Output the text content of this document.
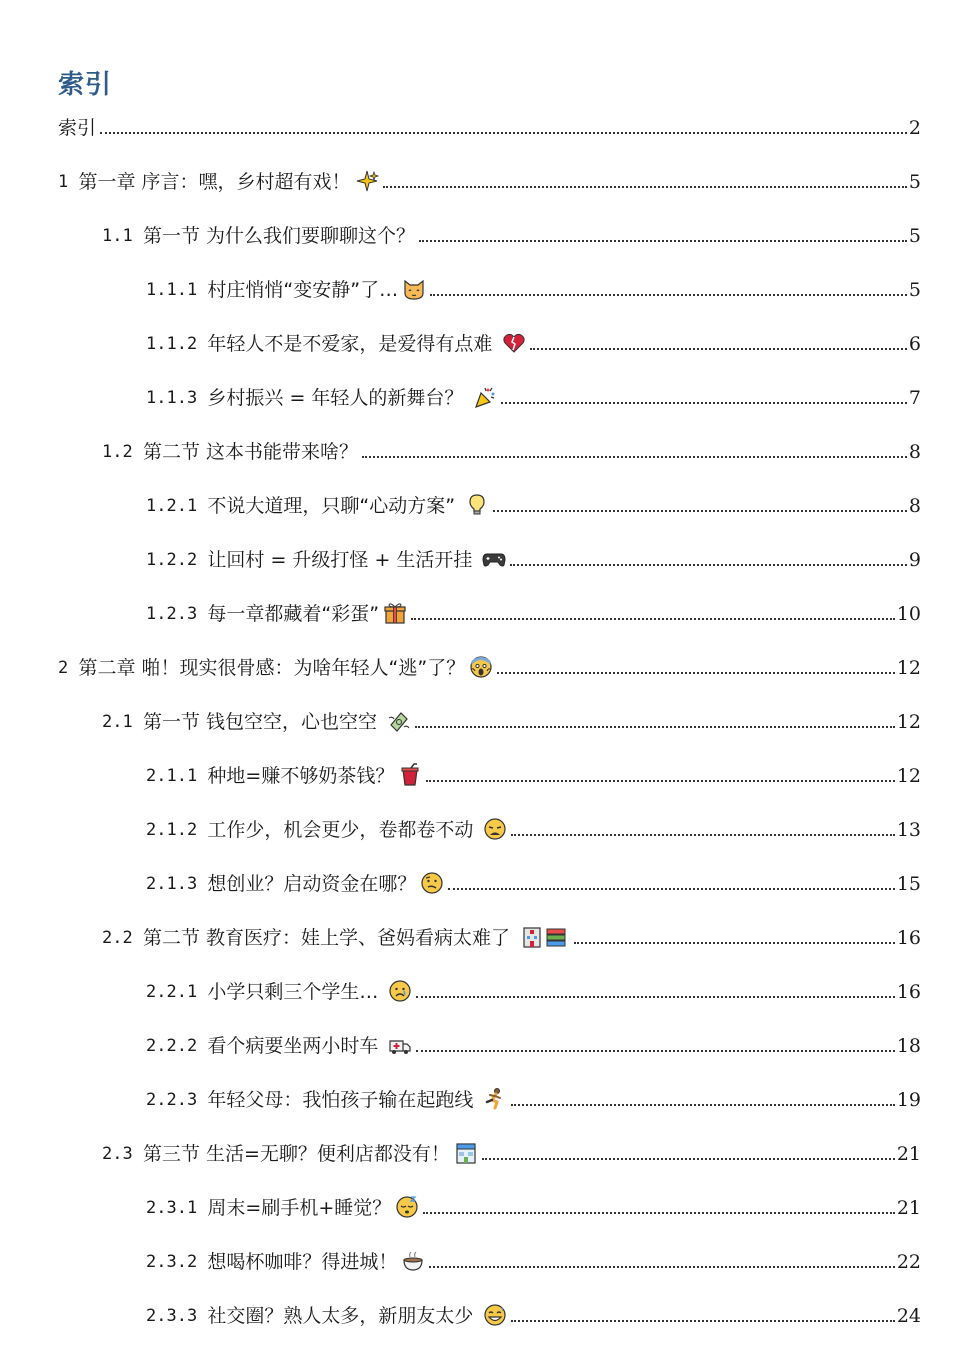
索引
索引	2
1 第一章 序言：嘿，乡村超有戏！	5
1.1 第一节 为什么我们要聊聊这个？	5
1.1.1 村庄悄悄“变安静”了…	5
1.1.2 年轻人不是不爱家，是爱得有点难	6
1.1.3 乡村振兴 = 年轻人的新舞台？	7
1.2 第二节 这本书能带来啥？	8
1.2.1 不说大道理，只聊“心动方案”	8
1.2.2 让回村 = 升级打怪 + 生活开挂	9
1.2.3 每一章都藏着“彩蛋”	10
2 第二章 啪！现实很骨感：为啥年轻人“逃”了？	12
2.1 第一节 钱包空空，心也空空	12
2.1.1 种地=赚不够奶茶钱？	12
2.1.2 工作少，机会更少，卷都卷不动	13
2.1.3 想创业？启动资金在哪？	15
2.2 第二节 教育医疗：娃上学、爸妈看病太难了	16
2.2.1 小学只剩三个学生…	16
2.2.2 看个病要坐两小时车	18
2.2.3 年轻父母：我怕孩子输在起跑线	19
2.3 第三节 生活=无聊？便利店都没有！	21
2.3.1 周末=刷手机+睡觉？	21
2.3.2 想喝杯咖啡？得进城！	22
2.3.3 社交圈？熟人太多，新朋友太少	24
